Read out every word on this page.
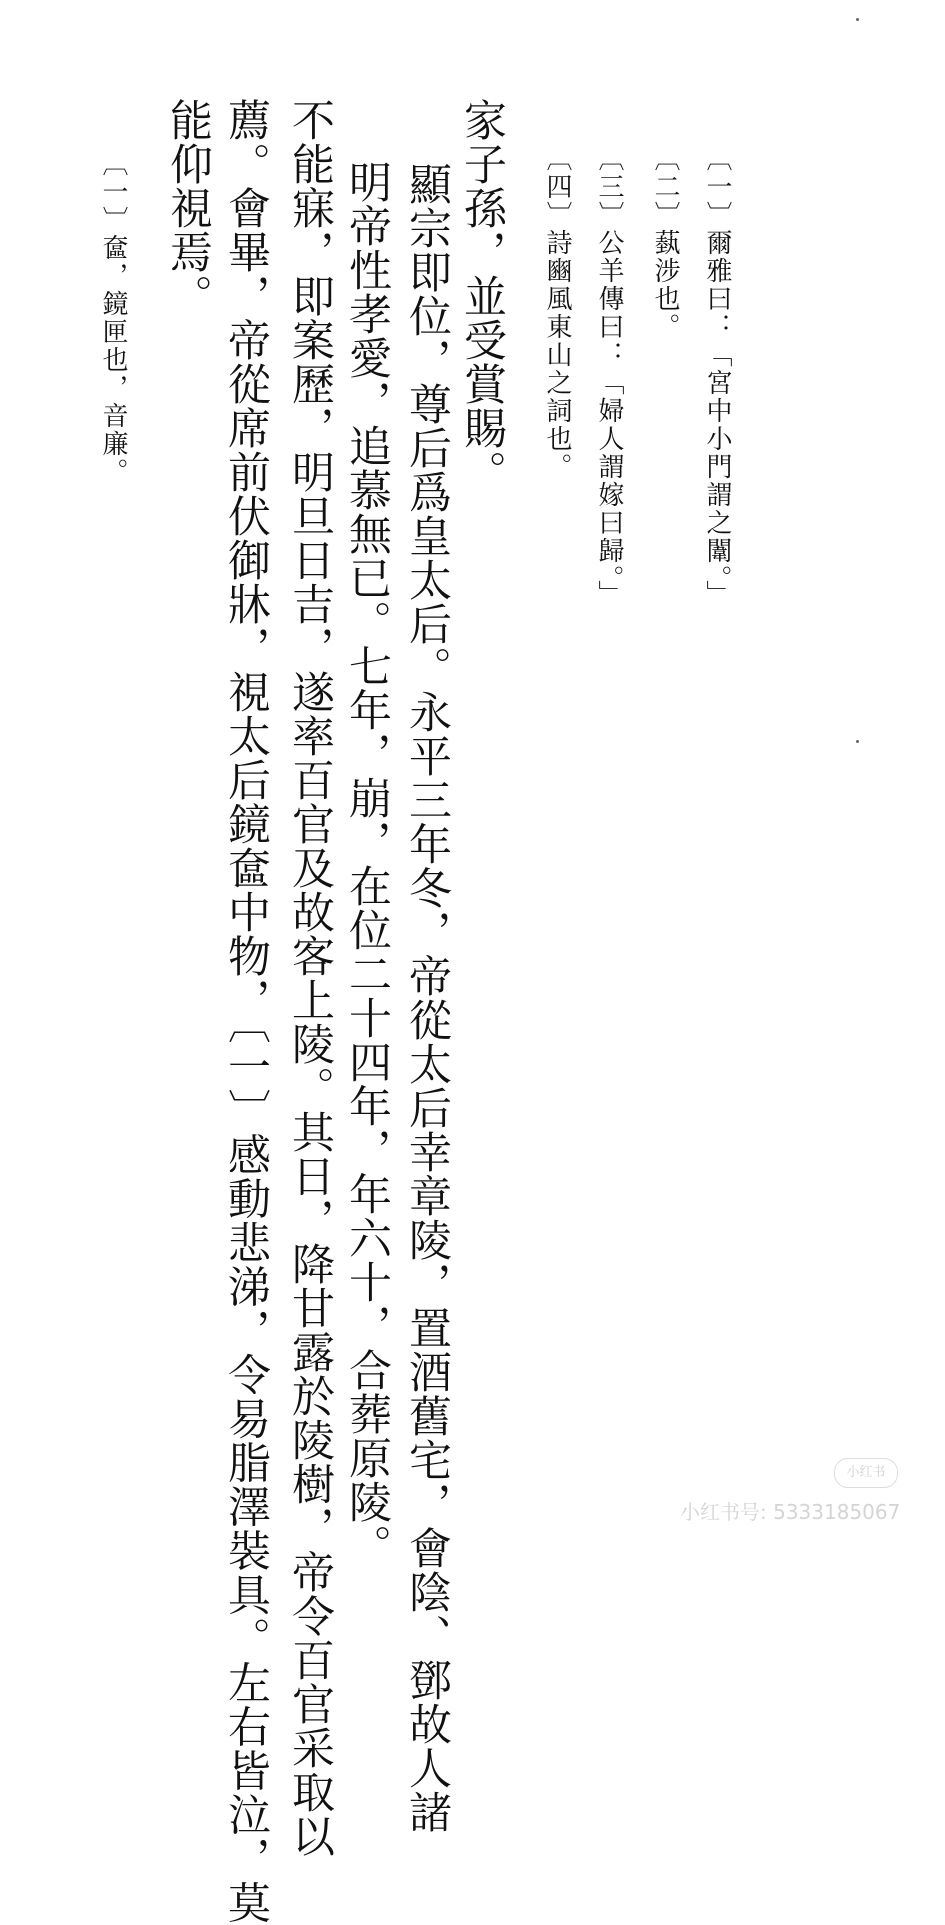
〔一〕爾雅曰：「宮中小門謂之闈。」
〔二〕蓺涉也。
〔三〕公羊傳曰：「婦人謂嫁曰歸。」
〔四〕詩豳風東山之詞也。
家子孫，並受賞賜。
顯宗即位，尊后爲皇太后。永平三年冬，帝從太后幸章陵，置酒舊宅，會陰、鄧故人諸
明帝性孝愛，追慕無已。七年，崩，在位二十四年，年六十，合葬原陵。
不能寐，即案歷，明旦日吉，遂率百官及故客上陵。其日，降甘露於陵樹，帝令百官采取以
薦。會畢，帝從席前伏御牀，視太后鏡奩中物，〔一〕感動悲涕，令易脂澤裝具。左右皆泣，莫
能仰視焉。
〔一〕奩，鏡匣也，音廉。
小红书
小红书号: 5333185067
